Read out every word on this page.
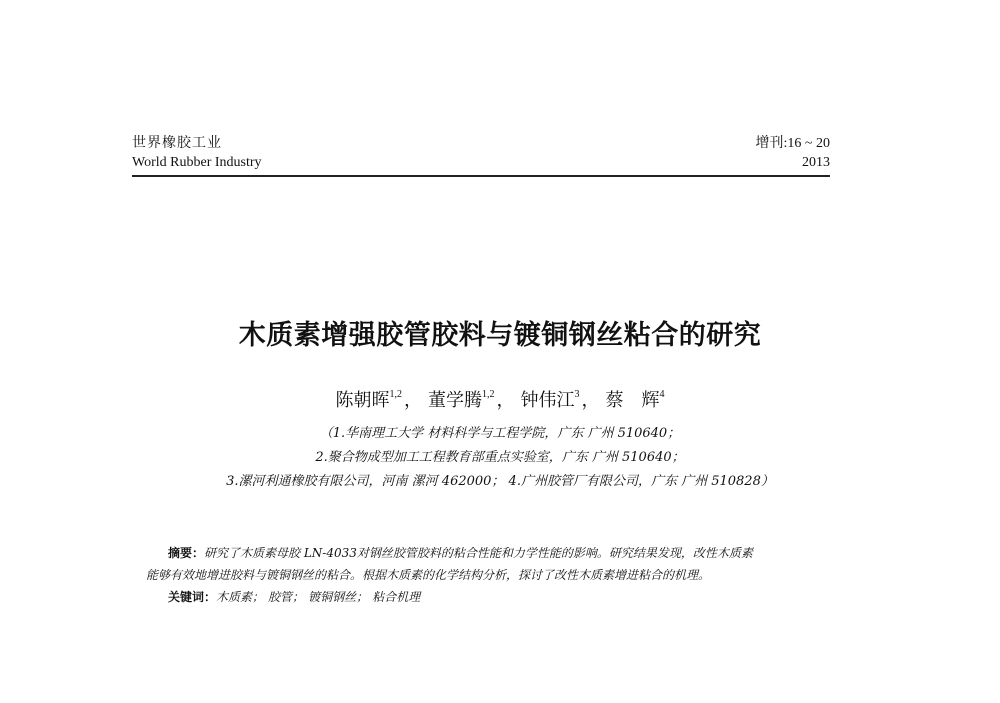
世界橡胶工业	增刊:16 ~ 20
World Rubber Industry	2013
木质素增强胶管胶料与镀铜钢丝粘合的研究
陈朝晖$^{1,2}$ ， 董学腾$^{1,2}$ ， 钟伟江$^3$ ， 蔡　辉$^4$
（1.华南理工大学 材料科学与工程学院，广东 广州 510640；
2.聚合物成型加工工程教育部重点实验室，广东 广州 510640；
3.漯河利通橡胶有限公司，河南 漯河 462000； 4.广州胶管厂有限公司，广东 广州 510828）
摘要：研究了木质素母胶 LN-4033对钢丝胶管胶料的粘合性能和力学性能的影响。研究结果发现，改性木质素
能够有效地增进胶料与镀铜钢丝的粘合。根据木质素的化学结构分析，探讨了改性木质素增进粘合的机理。
关键词：木质素； 胶管； 镀铜钢丝； 粘合机理
